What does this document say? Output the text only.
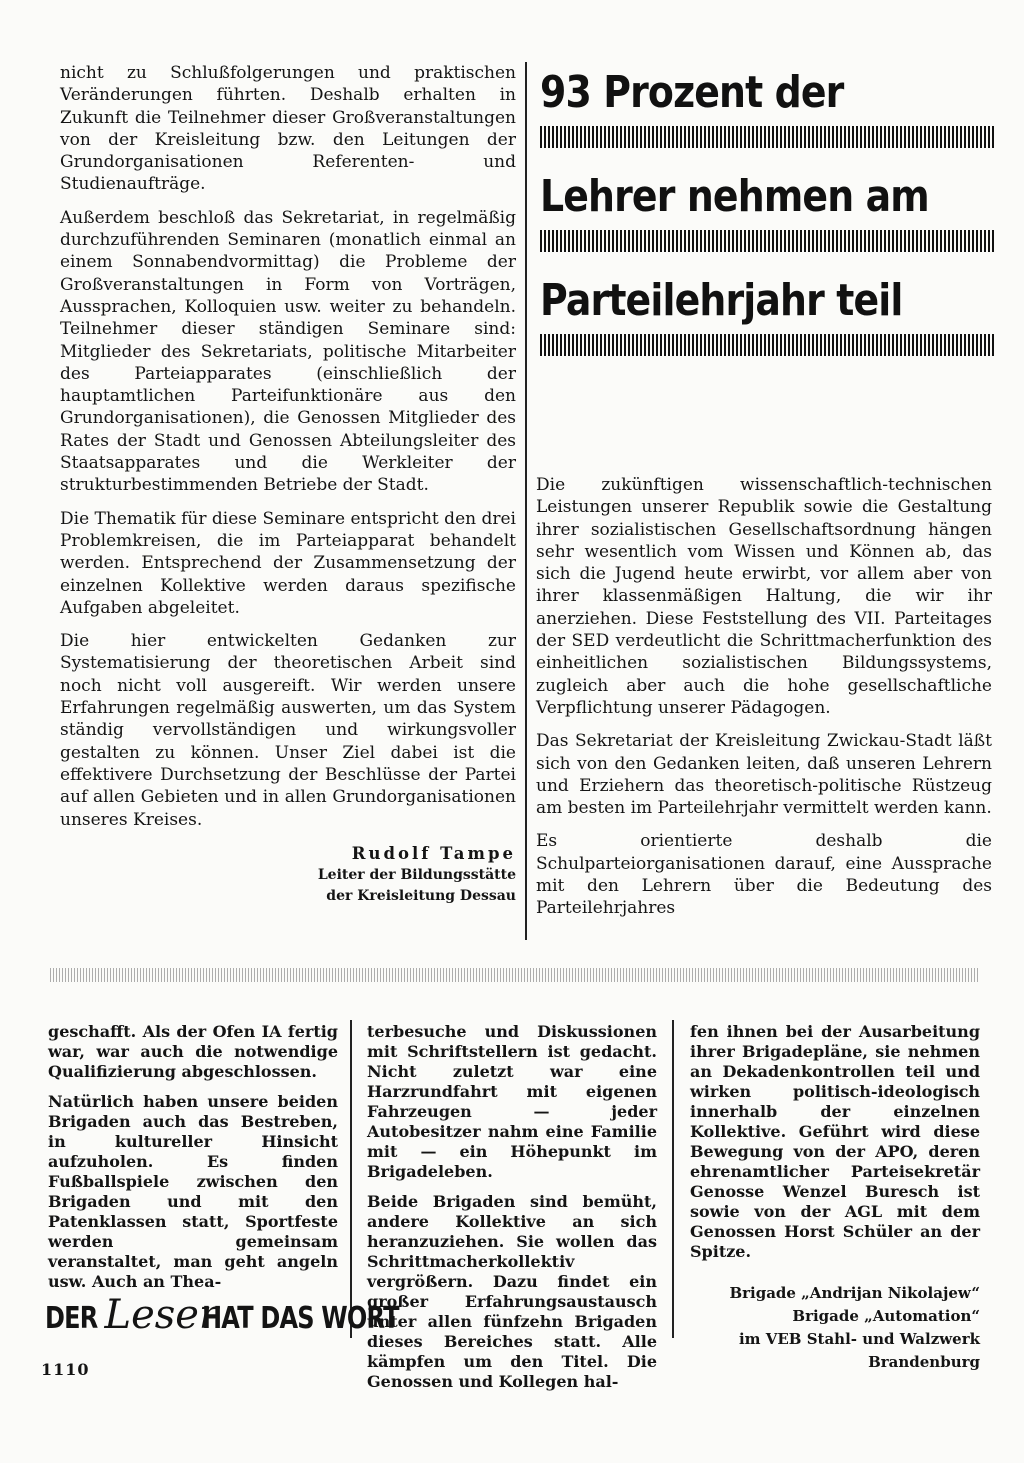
nicht zu Schlußfolgerungen und praktischen Veränderungen führten. Deshalb erhalten in Zukunft die Teilnehmer dieser Großveranstaltungen von der Kreisleitung bzw. den Leitungen der Grundorganisationen Referenten- und Studienaufträge.

Außerdem beschloß das Sekretariat, in regelmäßig durchzuführenden Seminaren (monatlich einmal an einem Sonnabendvormittag) die Probleme der Großveranstaltungen in Form von Vorträgen, Aussprachen, Kolloquien usw. weiter zu behandeln. Teilnehmer dieser ständigen Seminare sind: Mitglieder des Sekretariats, politische Mitarbeiter des Parteiapparates (einschließlich der hauptamtlichen Parteifunktionäre aus den Grundorganisationen), die Genossen Mitglieder des Rates der Stadt und Genossen Abteilungsleiter des Staatsapparates und die Werkleiter der strukturbestimmenden Betriebe der Stadt.

Die Thematik für diese Seminare entspricht den drei Problemkreisen, die im Parteiapparat behandelt werden. Entsprechend der Zusammensetzung der einzelnen Kollektive werden daraus spezifische Aufgaben abgeleitet.

Die hier entwickelten Gedanken zur Systematisierung der theoretischen Arbeit sind noch nicht voll ausgereift. Wir werden unsere Erfahrungen regelmäßig auswerten, um das System ständig vervollständigen und wirkungsvoller gestalten zu können. Unser Ziel dabei ist die effektivere Durchsetzung der Beschlüsse der Partei auf allen Gebieten und in allen Grundorganisationen unseres Kreises.

Rudolf Tampe
Leiter der Bildungsstätte
der Kreisleitung Dessau
93 Prozent der
Lehrer nehmen am
Parteilehrjahr teil

Die zukünftigen wissenschaftlich-technischen Leistungen unserer Republik sowie die Gestaltung ihrer sozialistischen Gesellschaftsordnung hängen sehr wesentlich vom Wissen und Können ab, das sich die Jugend heute erwirbt, vor allem aber von ihrer klassenmäßigen Haltung, die wir ihr anerziehen. Diese Feststellung des VII. Parteitages der SED verdeutlicht die Schrittmacherfunktion des einheitlichen sozialistischen Bildungssystems, zugleich aber auch die hohe gesellschaftliche Verpflichtung unserer Pädagogen.

Das Sekretariat der Kreisleitung Zwickau-Stadt läßt sich von den Gedanken leiten, daß unseren Lehrern und Erziehern das theoretisch-politische Rüstzeug am besten im Parteilehrjahr vermittelt werden kann.

Es orientierte deshalb die Schulparteiorganisationen darauf, eine Aussprache mit den Lehrern über die Bedeutung des Parteilehrjahres

geschafft. Als der Ofen IA fertig war, war auch die notwendige Qualifizierung abgeschlossen.

Natürlich haben unsere beiden Brigaden auch das Bestreben, in kultureller Hinsicht aufzuholen. Es finden Fußballspiele zwischen den Brigaden und mit den Patenklassen statt, Sportfeste werden gemeinsam veranstaltet, man geht angeln usw. Auch an Thea-

terbesuche und Diskussionen mit Schriftstellern ist gedacht. Nicht zuletzt war eine Harzrundfahrt mit eigenen Fahrzeugen — jeder Autobesitzer nahm eine Familie mit — ein Höhepunkt im Brigadeleben.

Beide Brigaden sind bemüht, andere Kollektive an sich heranzuziehen. Sie wollen das Schrittmacherkollektiv vergrößern. Dazu findet ein großer Erfahrungsaustausch unter allen fünfzehn Brigaden dieses Bereiches statt. Alle kämpfen um den Titel. Die Genossen und Kollegen hal-

fen ihnen bei der Ausarbeitung ihrer Brigadepläne, sie nehmen an Dekadenkontrollen teil und wirken politisch-ideologisch innerhalb der einzelnen Kollektive. Geführt wird diese Bewegung von der APO, deren ehrenamtlicher Parteisekretär Genosse Wenzel Buresch ist sowie von der AGL mit dem Genossen Horst Schüler an der Spitze.

Brigade „Andrijan Nikolajew“
Brigade „Automation“
im VEB Stahl- und Walzwerk
Brandenburg
DER Leser
HAT DAS WORT
1110
